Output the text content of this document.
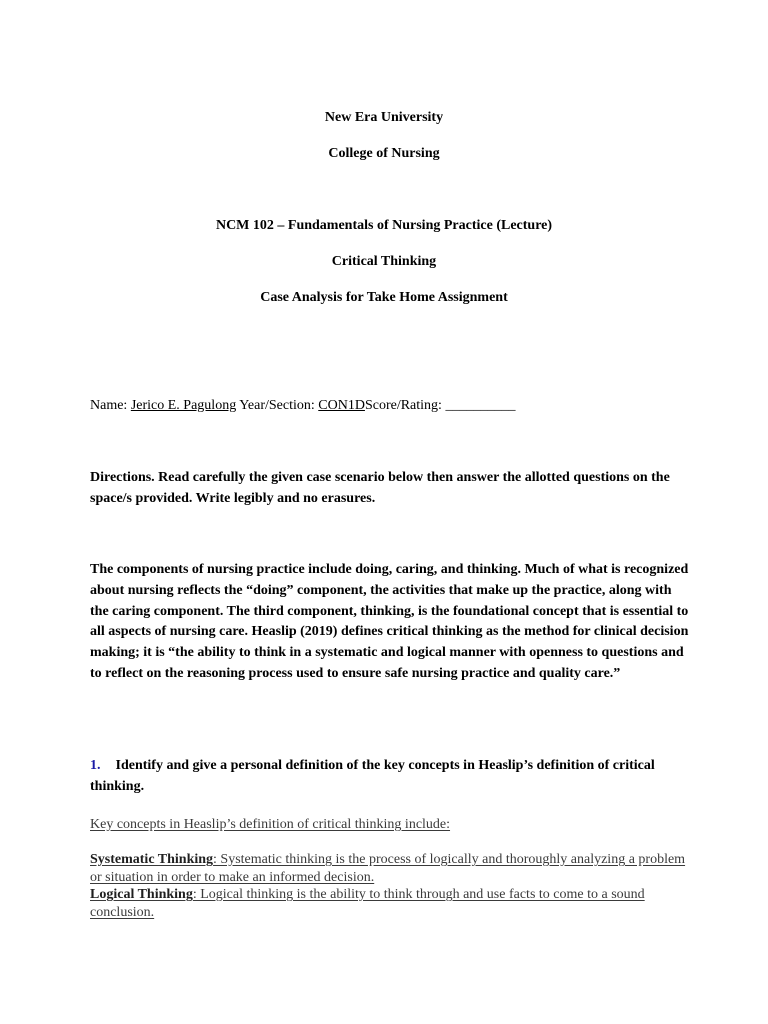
New Era University
College of Nursing
NCM 102 – Fundamentals of Nursing Practice (Lecture)
Critical Thinking
Case Analysis for Take Home Assignment
Name: Jerico E. Pagulong Year/Section: CON1DScore/Rating: __________
Directions. Read carefully the given case scenario below then answer the allotted questions on the space/s provided. Write legibly and no erasures.
The components of nursing practice include doing, caring, and thinking. Much of what is recognized about nursing reflects the “doing” component, the activities that make up the practice, along with the caring component. The third component, thinking, is the foundational concept that is essential to all aspects of nursing care. Heaslip (2019) defines critical thinking as the method for clinical decision making; it is “the ability to think in a systematic and logical manner with openness to questions and to reflect on the reasoning process used to ensure safe nursing practice and quality care.”
1. Identify and give a personal definition of the key concepts in Heaslip’s definition of critical thinking.
Key concepts in Heaslip’s definition of critical thinking include:
Systematic Thinking: Systematic thinking is the process of logically and thoroughly analyzing a problem or situation in order to make an informed decision.
Logical Thinking: Logical thinking is the ability to think through and use facts to come to a sound conclusion.
